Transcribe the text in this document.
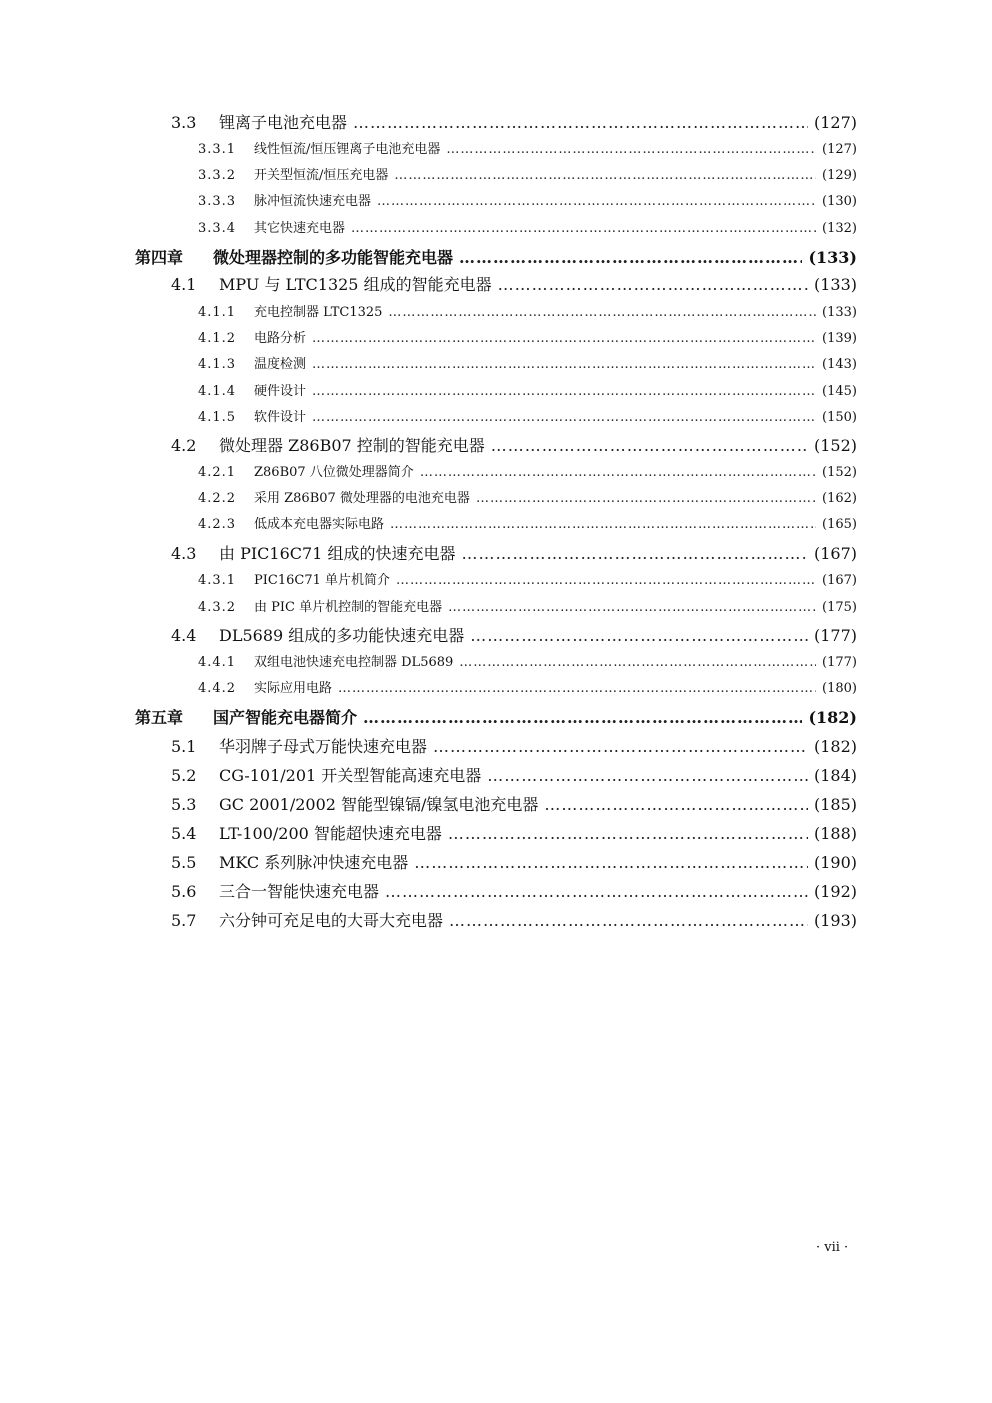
3.3	锂离子电池充电器 ……………………………………………………………………………………………………………………………………………………………………………………………………………………………………	(127)
3.3.1	线性恒流/恒压锂离子电池充电器 ……………………………………………………………………………………………………………………………………………………………………………………………………………………………………	(127)
3.3.2	开关型恒流/恒压充电器 ……………………………………………………………………………………………………………………………………………………………………………………………………………………………………	(129)
3.3.3	脉冲恒流快速充电器 ……………………………………………………………………………………………………………………………………………………………………………………………………………………………………	(130)
3.3.4	其它快速充电器 ……………………………………………………………………………………………………………………………………………………………………………………………………………………………………	(132)
第四章	微处理器控制的多功能智能充电器 ……………………………………………………………………………………………………………………………………………………………………………………………………………………………………	(133)
4.1	MPU 与 LTC1325 组成的智能充电器 ……………………………………………………………………………………………………………………………………………………………………………………………………………………………………	(133)
4.1.1	充电控制器 LTC1325 ……………………………………………………………………………………………………………………………………………………………………………………………………………………………………	(133)
4.1.2	电路分析 ……………………………………………………………………………………………………………………………………………………………………………………………………………………………………	(139)
4.1.3	温度检测 ……………………………………………………………………………………………………………………………………………………………………………………………………………………………………	(143)
4.1.4	硬件设计 ……………………………………………………………………………………………………………………………………………………………………………………………………………………………………	(145)
4.1.5	软件设计 ……………………………………………………………………………………………………………………………………………………………………………………………………………………………………	(150)
4.2	微处理器 Z86B07 控制的智能充电器 ……………………………………………………………………………………………………………………………………………………………………………………………………………………………………	(152)
4.2.1	Z86B07 八位微处理器简介 ……………………………………………………………………………………………………………………………………………………………………………………………………………………………………	(152)
4.2.2	采用 Z86B07 微处理器的电池充电器 ……………………………………………………………………………………………………………………………………………………………………………………………………………………………………	(162)
4.2.3	低成本充电器实际电路 ……………………………………………………………………………………………………………………………………………………………………………………………………………………………………	(165)
4.3	由 PIC16C71 组成的快速充电器 ……………………………………………………………………………………………………………………………………………………………………………………………………………………………………	(167)
4.3.1	PIC16C71 单片机简介 ……………………………………………………………………………………………………………………………………………………………………………………………………………………………………	(167)
4.3.2	由 PIC 单片机控制的智能充电器 ……………………………………………………………………………………………………………………………………………………………………………………………………………………………………	(175)
4.4	DL5689 组成的多功能快速充电器 ……………………………………………………………………………………………………………………………………………………………………………………………………………………………………	(177)
4.4.1	双组电池快速充电控制器 DL5689 ……………………………………………………………………………………………………………………………………………………………………………………………………………………………………	(177)
4.4.2	实际应用电路 ……………………………………………………………………………………………………………………………………………………………………………………………………………………………………	(180)
第五章	国产智能充电器简介 ……………………………………………………………………………………………………………………………………………………………………………………………………………………………………	(182)
5.1	华羽牌子母式万能快速充电器 ……………………………………………………………………………………………………………………………………………………………………………………………………………………………………	(182)
5.2	CG-101/201 开关型智能高速充电器 ……………………………………………………………………………………………………………………………………………………………………………………………………………………………………	(184)
5.3	GC 2001/2002 智能型镍镉/镍氢电池充电器 ……………………………………………………………………………………………………………………………………………………………………………………………………………………………………	(185)
5.4	LT-100/200 智能超快速充电器 ……………………………………………………………………………………………………………………………………………………………………………………………………………………………………	(188)
5.5	MKC 系列脉冲快速充电器 ……………………………………………………………………………………………………………………………………………………………………………………………………………………………………	(190)
5.6	三合一智能快速充电器 ……………………………………………………………………………………………………………………………………………………………………………………………………………………………………	(192)
5.7	六分钟可充足电的大哥大充电器 ……………………………………………………………………………………………………………………………………………………………………………………………………………………………………	(193)
· vii ·
